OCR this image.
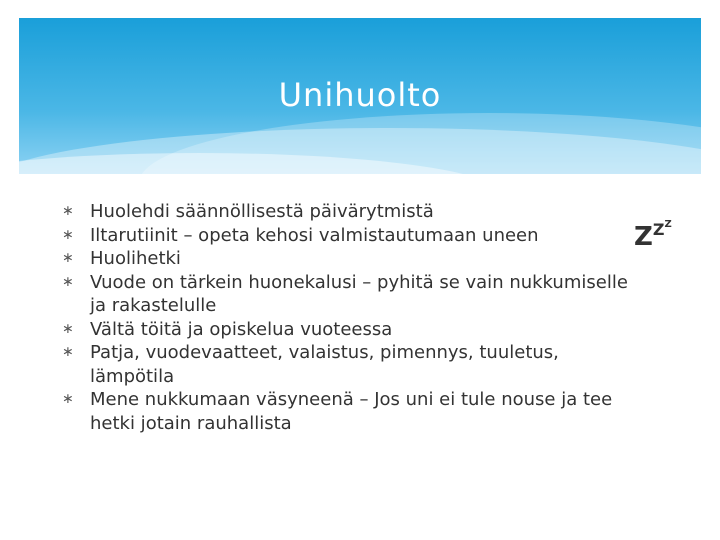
Unihuolto
∗ Huolehdi säännöllisestä päivärytmistä
∗ Iltarutiinit – opeta kehosi valmistautumaan uneen
∗ Huolihetki
∗ Vuode on tärkein huonekalusi – pyhitä se vain nukkumiselle ja rakastelulle
∗ Vältä töitä ja opiskelua vuoteessa
∗ Patja, vuodevaatteet, valaistus, pimennys, tuuletus, lämpötila
∗ Mene nukkumaan väsyneenä – Jos uni ei tule nouse ja tee hetki jotain rauhallista
$ZZ^Z$
